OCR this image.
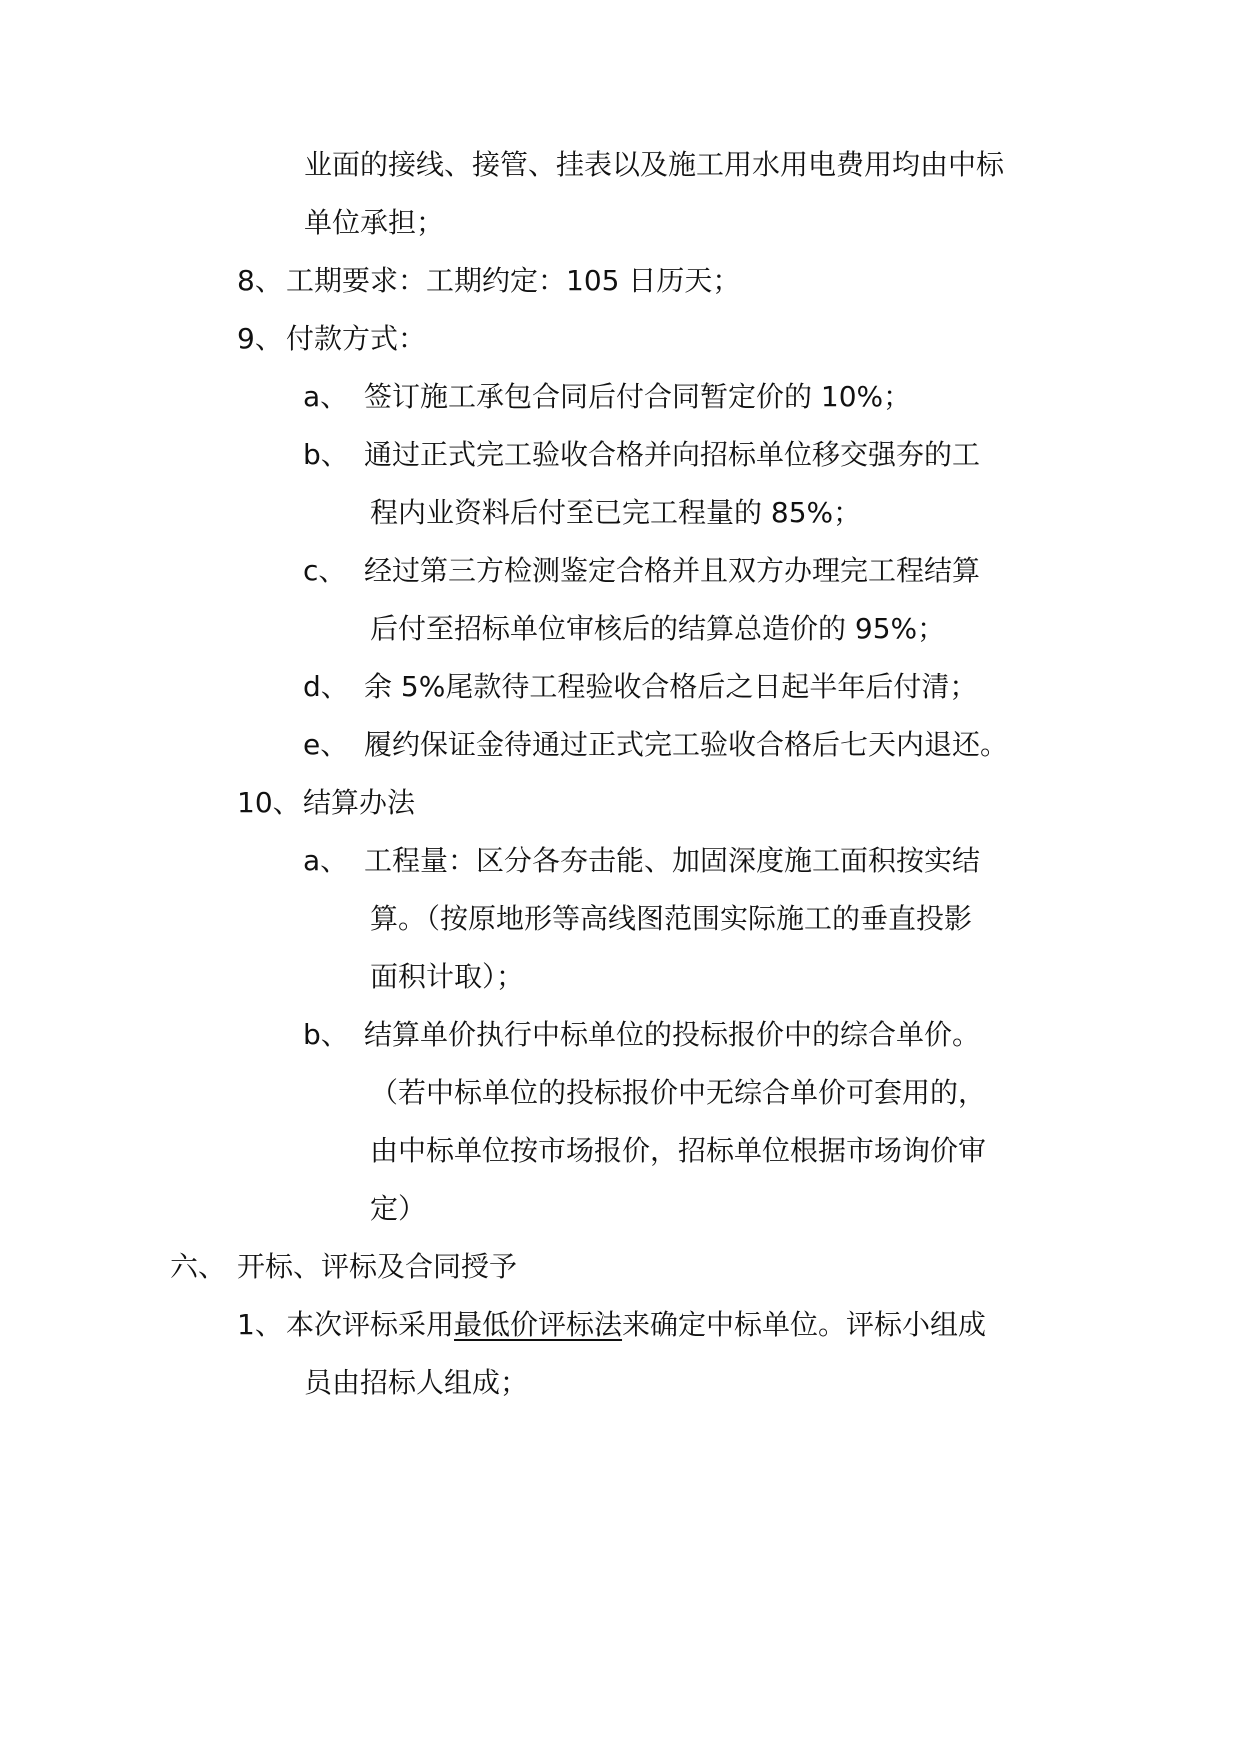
业面的接线、接管、挂表以及施工用水用电费用均由中标
单位承担；
8、 工期要求：工期约定：105 日历天；
9、 付款方式：
a、 签订施工承包合同后付合同暂定价的 10%；
b、 通过正式完工验收合格并向招标单位移交强夯的工
程内业资料后付至已完工程量的 85%；
c、 经过第三方检测鉴定合格并且双方办理完工程结算
后付至招标单位审核后的结算总造价的 95%；
d、 余 5%尾款待工程验收合格后之日起半年后付清；
e、 履约保证金待通过正式完工验收合格后七天内退还。
10、 结算办法
a、 工程量：区分各夯击能、加固深度施工面积按实结
算。（按原地形等高线图范围实际施工的垂直投影
面积计取）；
b、 结算单价执行中标单位的投标报价中的综合单价。
（若中标单位的投标报价中无综合单价可套用的，
由中标单位按市场报价，招标单位根据市场询价审
定）
六、 开标、评标及合同授予
1、 本次评标采用最低价评标法来确定中标单位。评标小组成
员由招标人组成；
